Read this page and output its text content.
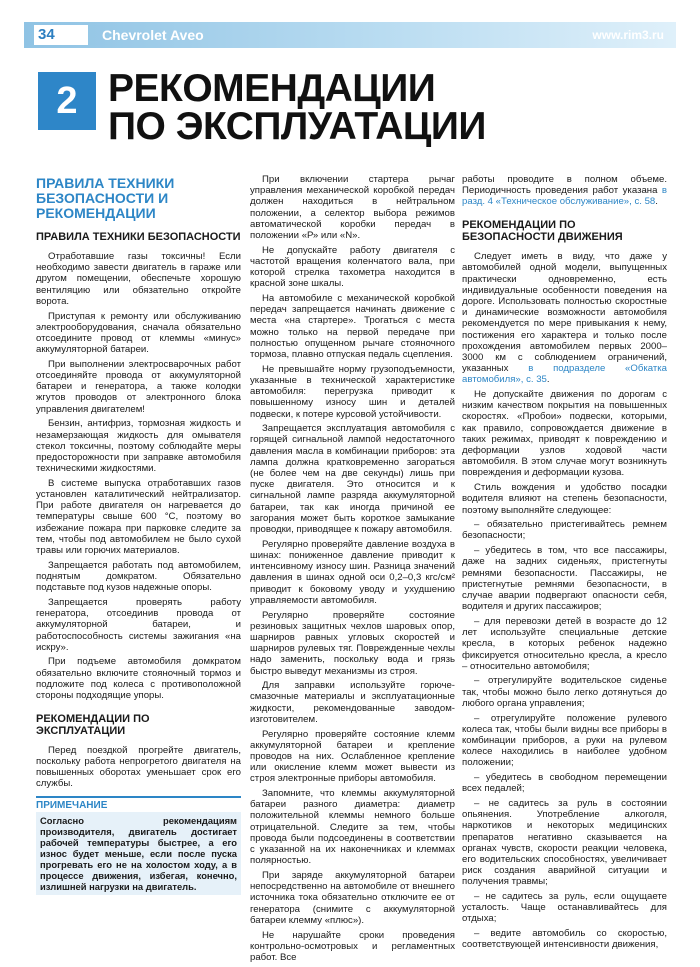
34	Chevrolet Aveo	www.rim3.ru
2 РЕКОМЕНДАЦИИ
ПО ЭКСПЛУАТАЦИИ
ПРАВИЛА ТЕХНИКИ БЕЗОПАСНОСТИ И РЕКОМЕНДАЦИИ
ПРАВИЛА ТЕХНИКИ БЕЗОПАСНОСТИ

Отработавшие газы токсичны! Если необходимо завести двигатель в гараже или другом помещении, обеспечьте хорошую вентиляцию или обязательно откройте ворота.

Приступая к ремонту или обслуживанию электрооборудования, сначала обязательно отсоедините провод от клеммы «минус» аккумуляторной батареи.

При выполнении электросварочных работ отсоединяйте провода от аккумуляторной батареи и генератора, а также колодки жгутов проводов от электронного блока управления двигателем!

Бензин, антифриз, тормозная жидкость и незамерзающая жидкость для омывателя стекол токсичны, поэтому соблюдайте меры предосторожности при заправке автомобиля техническими жидкостями.

В системе выпуска отработавших газов установлен каталитический нейтрализатор. При работе двигателя он нагревается до температуры свыше 600 °С, поэтому во избежание пожара при парковке следите за тем, чтобы под автомобилем не было сухой травы или горючих материалов.

Запрещается работать под автомобилем, поднятым домкратом. Обязательно подставьте под кузов надежные опоры.

Запрещается проверять работу генератора, отсоединив провода от аккумуляторной батареи, и работоспособность системы зажигания «на искру».

При подъеме автомобиля домкратом обязательно включите стояночный тормоз и подложите под колеса с противоположной стороны подходящие упоры.

РЕКОМЕНДАЦИИ ПО ЭКСПЛУАТАЦИИ

Перед поездкой прогрейте двигатель, поскольку работа непрогретого двигателя на повышенных оборотах уменьшает срок его службы.

ПРИМЕЧАНИЕ
Согласно рекомендациям производителя, двигатель достигает рабочей температуры быстрее, а его износ будет меньше, если после пуска прогревать его не на холостом ходу, а в процессе движения, избегая, конечно, излишней нагрузки на двигатель.

При включении стартера рычаг управления механической коробкой передач должен находиться в нейтральном положении, а селектор выбора режимов автоматической коробки передач в положении «Р» или «N».

Не допускайте работу двигателя с частотой вращения коленчатого вала, при которой стрелка тахометра находится в красной зоне шкалы.

На автомобиле с механической коробкой передач запрещается начинать движение с места «на стартере». Трогаться с места можно только на первой передаче при полностью опущенном рычаге стояночного тормоза, плавно отпуская педаль сцепления.

Не превышайте норму грузоподъемности, указанные в технической характеристике автомобиля: перегрузка приводит к повышенному износу шин и деталей подвески, к потере курсовой устойчивости.

Запрещается эксплуатация автомобиля с горящей сигнальной лампой недостаточного давления масла в комбинации приборов: эта лампа должна кратковременно загораться (не более чем на две секунды) лишь при пуске двигателя. Это относится и к сигнальной лампе разряда аккумуляторной батареи, так как иногда причиной ее загорания может быть короткое замыкание проводки, приводящее к пожару автомобиля.

Регулярно проверяйте давление воздуха в шинах: пониженное давление приводит к интенсивному износу шин. Разница значений давления в шинах одной оси 0,2–0,3 кгс/см² приводит к боковому уводу и ухудшению управляемости автомобиля.

Регулярно проверяйте состояние резиновых защитных чехлов шаровых опор, шарниров равных угловых скоростей и шарниров рулевых тяг. Поврежденные чехлы надо заменить, поскольку вода и грязь быстро выведут механизмы из строя.

Для заправки используйте горюче-смазочные материалы и эксплуатационные жидкости, рекомендованные заводом-изготовителем.

Регулярно проверяйте состояние клемм аккумуляторной батареи и крепление проводов на них. Ослабленное крепление или окисление клемм может вывести из строя электронные приборы автомобиля.

Запомните, что клеммы аккумуляторной батареи разного диаметра: диаметр положительной клеммы немного больше отрицательной. Следите за тем, чтобы провода были подсоединены в соответствии с указанной на их наконечниках и клеммах полярностью.

При заряде аккумуляторной батареи непосредственно на автомобиле от внешнего источника тока обязательно отключите ее от генератора (снимите с аккумуляторной батареи клемму «плюс»).

Не нарушайте сроки проведения контрольно-осмотровых и регламентных работ. Все

работы проводите в полном объеме. Периодичность проведения работ указана в разд. 4 «Техническое обслуживание», с. 58.

РЕКОМЕНДАЦИИ ПО БЕЗОПАСНОСТИ ДВИЖЕНИЯ

Следует иметь в виду, что даже у автомобилей одной модели, выпущенных практически одновременно, есть индивидуальные особенности поведения на дороге. Использовать полностью скоростные и динамические возможности автомобиля рекомендуется по мере привыкания к нему, постижения его характера и только после прохождения автомобилем первых 2000–3000 км с соблюдением ограничений, указанных в подразделе «Обкатка автомобиля», с. 35.

Не допускайте движения по дорогам с низким качеством покрытия на повышенных скоростях. «Пробои» подвески, которыми, как правило, сопровождается движение в таких режимах, приводят к повреждению и деформации узлов ходовой части автомобиля. В этом случае могут возникнуть повреждения и деформации кузова.

Стиль вождения и удобство посадки водителя влияют на степень безопасности, поэтому выполняйте следующее:

– обязательно пристегивайтесь ремнем безопасности;

– убедитесь в том, что все пассажиры, даже на задних сиденьях, пристегнуты ремнями безопасности. Пассажиры, не пристегнутые ремнями безопасности, в случае аварии подвергают опасности себя, водителя и других пассажиров;

– для перевозки детей в возрасте до 12 лет используйте специальные детские кресла, в которых ребенок надежно фиксируется относительно кресла, а кресло – относительно автомобиля;

– отрегулируйте водительское сиденье так, чтобы можно было легко дотянуться до любого органа управления;

– отрегулируйте положение рулевого колеса так, чтобы были видны все приборы в комбинации приборов, а руки на рулевом колесе находились в наиболее удобном положении;

– убедитесь в свободном перемещении всех педалей;

– не садитесь за руль в состоянии опьянения. Употребление алкоголя, наркотиков и некоторых медицинских препаратов негативно сказывается на органах чувств, скорости реакции человека, его водительских способностях, увеличивает риск создания аварийной ситуации и получения травмы;

– не садитесь за руль, если ощущаете усталость. Чаще останавливайтесь для отдыха;

– ведите автомобиль со скоростью, соответствующей интенсивности движения,
